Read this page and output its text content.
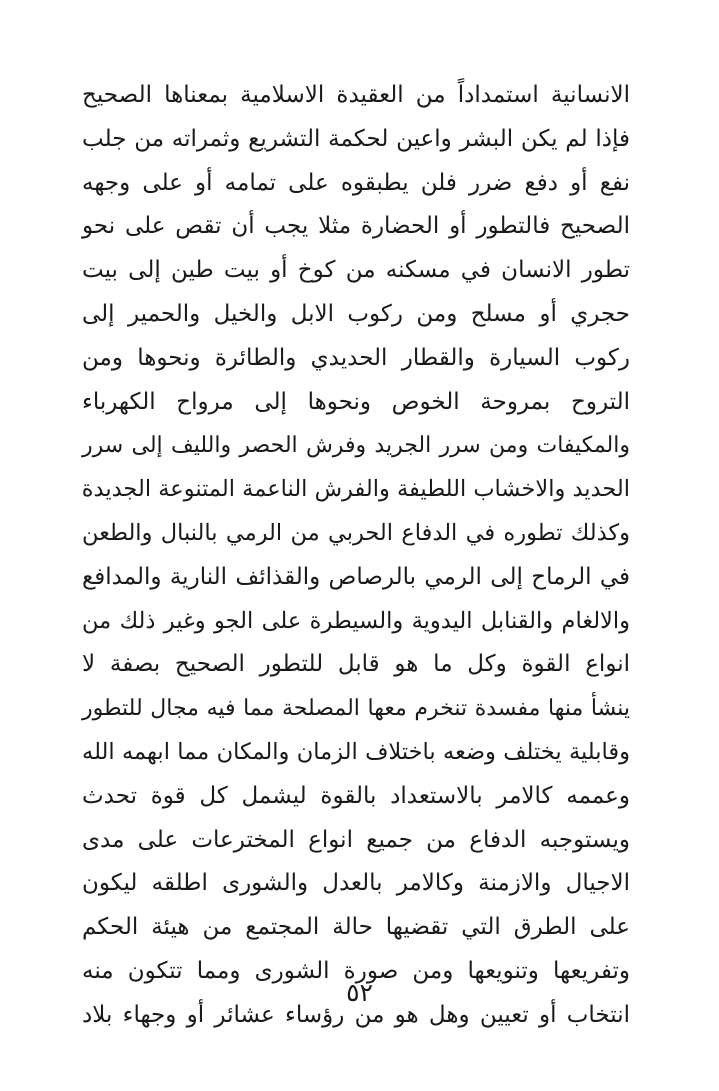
الانسانية استمداداً من العقيدة الاسلامية بمعناها الصحيح
فإذا لم يكن البشر واعين لحكمة التشريع وثمراته من جلب
نفع أو دفع ضرر فلن يطبقوه على تمامه أو على وجهه
الصحيح فالتطور أو الحضارة مثلا يجب أن تقص على نحو
تطور الانسان في مسكنه من كوخ أو بيت طين إلى بيت
حجري أو مسلح ومن ركوب الابل والخيل والحمير إلى
ركوب السيارة والقطار الحديدي والطائرة ونحوها ومن
التروح بمروحة الخوص ونحوها إلى مرواح الكهرباء
والمكيفات ومن سرر الجريد وفرش الحصر والليف إلى سرر
الحديد والاخشاب اللطيفة والفرش الناعمة المتنوعة الجديدة
وكذلك تطوره في الدفاع الحربي من الرمي بالنبال والطعن
في الرماح إلى الرمي بالرصاص والقذائف النارية والمدافع
والالغام والقنابل اليدوية والسيطرة على الجو وغير ذلك من
انواع القوة وكل ما هو قابل للتطور الصحيح بصفة لا
ينشأ منها مفسدة تنخرم معها المصلحة مما فيه مجال للتطور
وقابلية يختلف وضعه باختلاف الزمان والمكان مما ابهمه الله
وعممه كالامر بالاستعداد بالقوة ليشمل كل قوة تحدث
ويستوجبه الدفاع من جميع انواع المخترعات على مدى
الاجيال والازمنة وكالامر بالعدل والشورى اطلقه ليكون
على الطرق التي تقضيها حالة المجتمع من هيئة الحكم
وتفريعها وتنويعها ومن صورة الشورى ومما تتكون منه
انتخاب أو تعيين وهل هو من رؤساء عشائر أو وجهاء بلاد
٥٢
